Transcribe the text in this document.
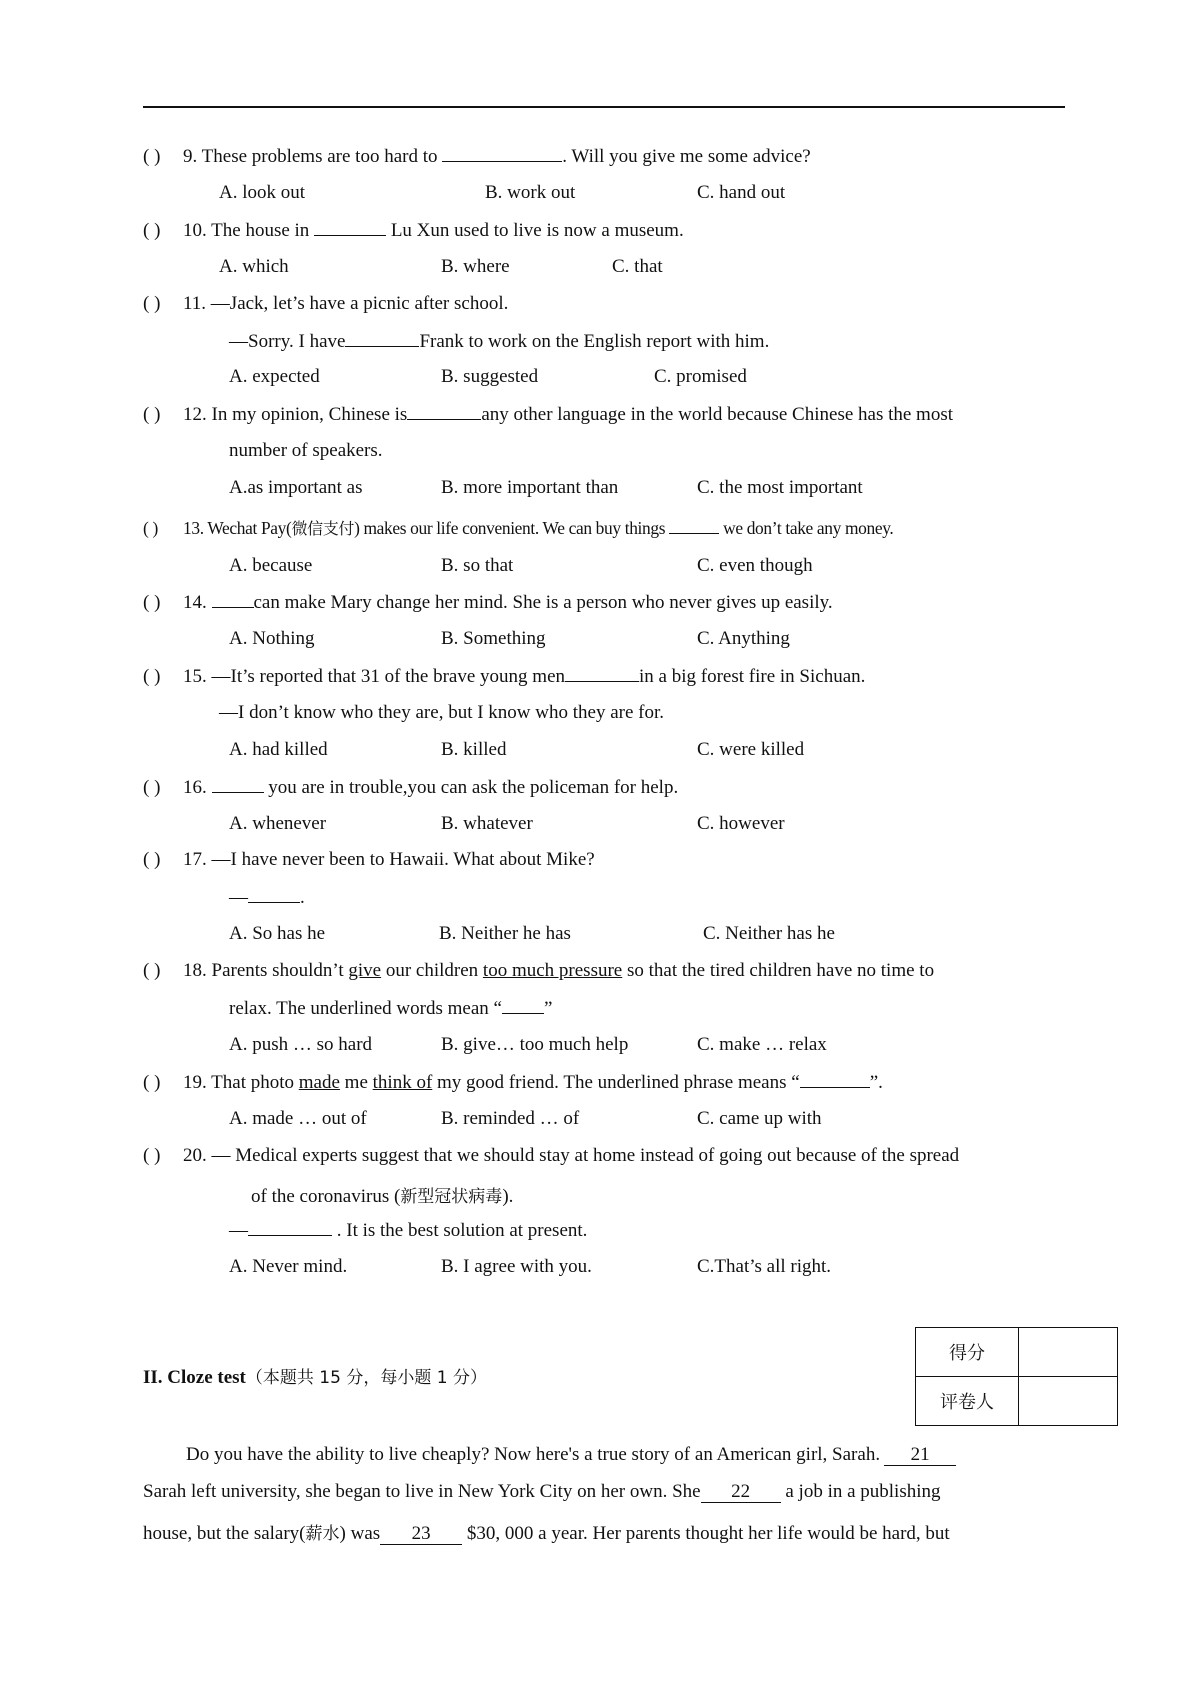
( ) 9. These problems are too hard to	. Will you give me some advice?
A. look out	B. work out	C. hand out
( ) 10. The house in	Lu Xun used to live is now a museum.
A. which	B. where	C. that
( ) 11. —Jack, let’s have a picnic after school.
—Sorry. I have	Frank to work on the English report with him.
A. expected	B. suggested	C. promised
( ) 12. In my opinion, Chinese is	any other language in the world because Chinese has the most
number of speakers.
A.as important as	B. more important than	C. the most important
( ) 13. Wechat Pay(微信支付) makes our life convenient. We can buy things	we don’t take any money.
A. because	B. so that	C. even though
( ) 14. can make Mary change her mind. She is a person who never gives up easily.
A. Nothing	B. Something	C. Anything
( ) 15. —It’s reported that 31 of the brave young men	in a big forest fire in Sichuan.
—I don’t know who they are, but I know who they are for.
A. had killed	B. killed	C. were killed
( ) 16.	you are in trouble,you can ask the policeman for help.
A. whenever	B. whatever	C. however
( ) 17. —I have never been to Hawaii. What about Mike?
—	.
A. So has he	B. Neither he has	C. Neither has he
( ) 18. Parents shouldn’t give our children too much pressure so that the tired children have no time to
relax. The underlined words mean “ ”
A. push … so hard	B. give… too much help	C. make … relax
( ) 19. That photo made me think of my good friend. The underlined phrase means “	”.
A. made … out of	B. reminded … of	C. came up with
( ) 20. — Medical experts suggest that we should stay at home instead of going out because of the spread
of the coronavirus (新型冠状病毒).
—	. It is the best solution at present.
A. Never mind.	B. I agree with you.	C.That’s all right.
II. Cloze test（本题共 15 分，每小题 1 分）
得分	
评卷人	
Do you have the ability to live cheaply? Now here's a true story of an American girl, Sarah. 21
Sarah left university, she began to live in New York City on her own. She 22 a job in a publishing
house, but the salary(薪水) was 23 $30, 000 a year. Her parents thought her life would be hard, but
